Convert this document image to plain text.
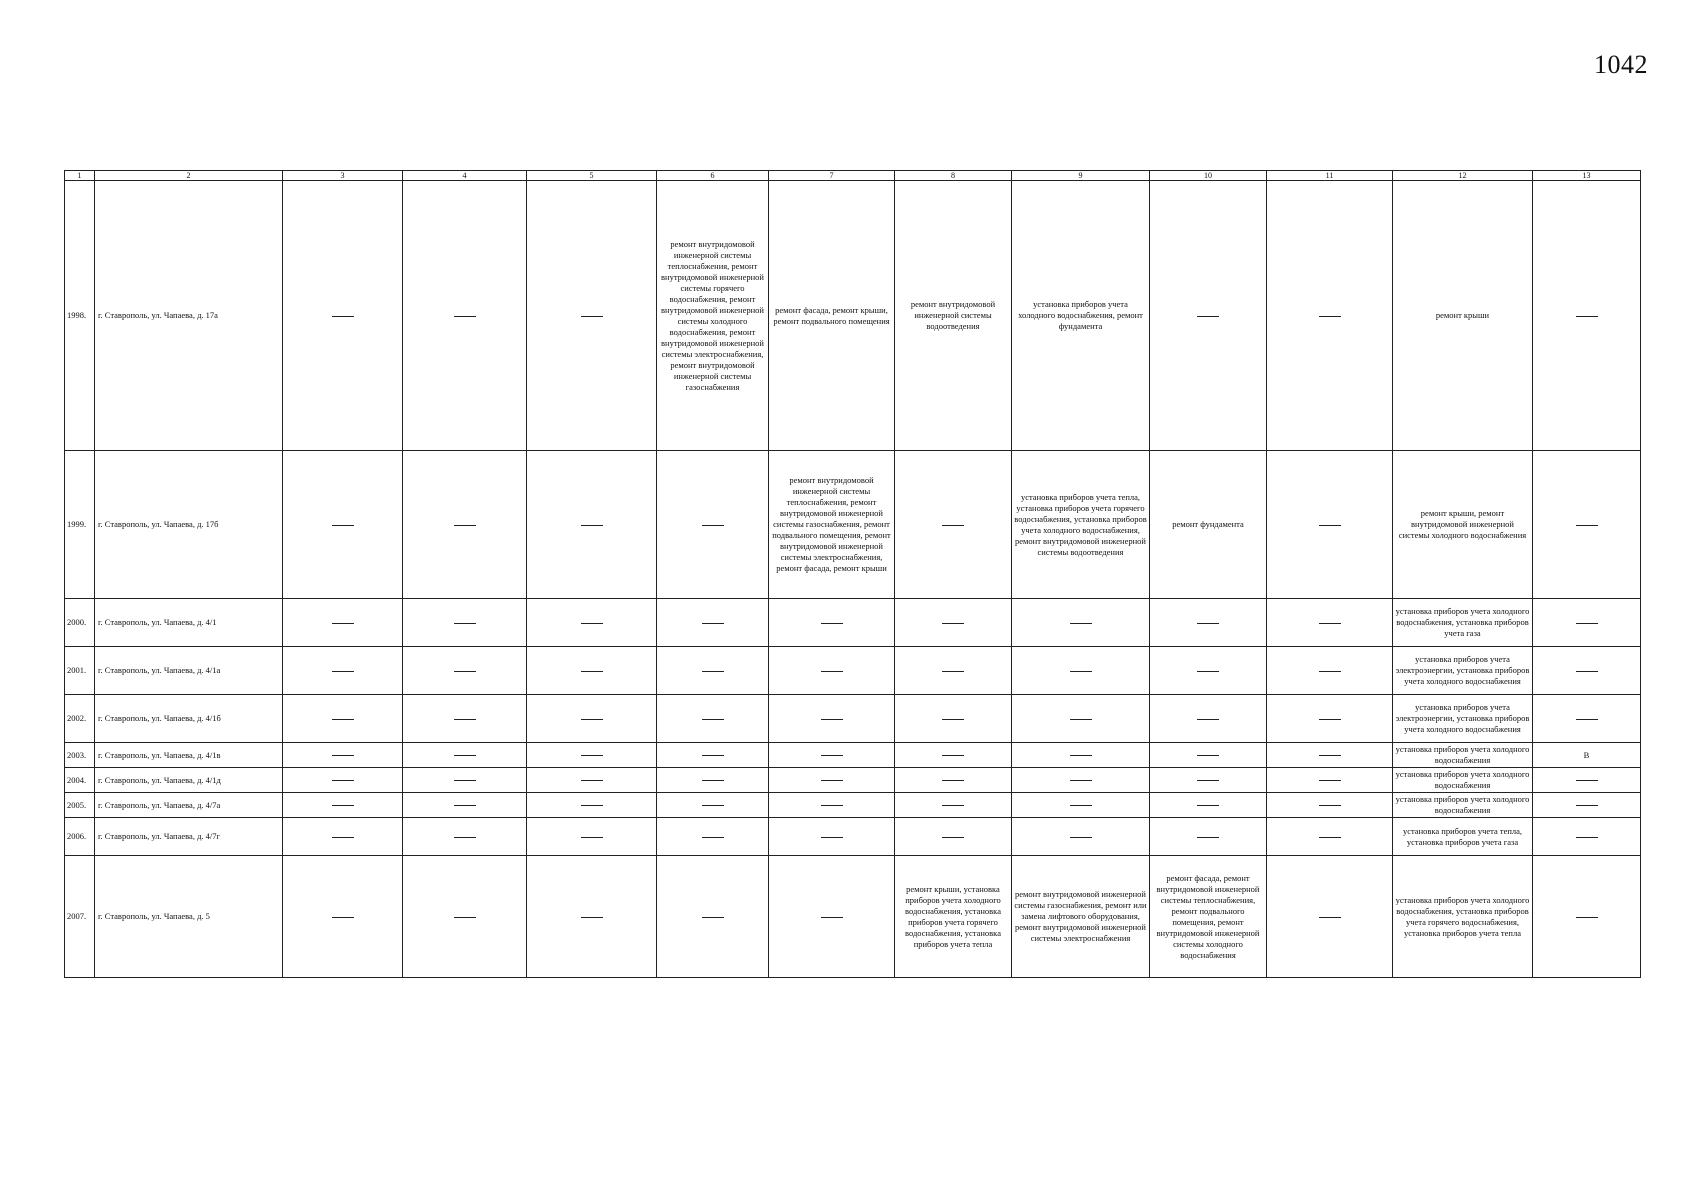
1042
1	2	3	4	5	6	7	8	9	10	11	12	13
1998.	г. Ставрополь, ул. Чапаева, д. 17а				ремонт внутридомовой инженерной системы теплоснабжения, ремонт внутридомовой инженерной системы горячего водоснабжения, ремонт внутридомовой инженерной системы холодного водоснабжения, ремонт внутридомовой инженерной системы электроснабжения, ремонт внутридомовой инженерной системы газоснабжения	ремонт фасада, ремонт крыши, ремонт подвального помещения	ремонт внутридомовой инженерной системы водоотведения	установка приборов учета холодного водоснабжения, ремонт фундамента			ремонт крыши	
1999.	г. Ставрополь, ул. Чапаева, д. 17б					ремонт внутридомовой инженерной системы теплоснабжения, ремонт внутридомовой инженерной системы газоснабжения, ремонт подвального помещения, ремонт внутридомовой инженерной системы электроснабжения, ремонт фасада, ремонт крыши		установка приборов учета тепла, установка приборов учета горячего водоснабжения, установка приборов учета холодного водоснабжения, ремонт внутридомовой инженерной системы водоотведения	ремонт фундамента		ремонт крыши, ремонт внутридомовой инженерной системы холодного водоснабжения	
2000.	г. Ставрополь, ул. Чапаева, д. 4/1										установка приборов учета холодного водоснабжения, установка приборов учета газа	
2001.	г. Ставрополь, ул. Чапаева, д. 4/1а										установка приборов учета электроэнергии, установка приборов учета холодного водоснабжения	
2002.	г. Ставрополь, ул. Чапаева, д. 4/1б										установка приборов учета электроэнергии, установка приборов учета холодного водоснабжения	
2003.	г. Ставрополь, ул. Чапаева, д. 4/1в										установка приборов учета холодного водоснабжения	В
2004.	г. Ставрополь, ул. Чапаева, д. 4/1д										установка приборов учета холодного водоснабжения	
2005.	г. Ставрополь, ул. Чапаева, д. 4/7а										установка приборов учета холодного водоснабжения	
2006.	г. Ставрополь, ул. Чапаева, д. 4/7г										установка приборов учета тепла, установка приборов учета газа	
2007.	г. Ставрополь, ул. Чапаева, д. 5						ремонт крыши, установка приборов учета холодного водоснабжения, установка приборов учета горячего водоснабжения, установка приборов учета тепла	ремонт внутридомовой инженерной системы газоснабжения, ремонт или замена лифтового оборудования, ремонт внутридомовой инженерной системы электроснабжения	ремонт фасада, ремонт внутридомовой инженерной системы теплоснабжения, ремонт подвального помещения, ремонт внутридомовой инженерной системы холодного водоснабжения		установка приборов учета холодного водоснабжения, установка приборов учета горячего водоснабжения, установка приборов учета тепла	
